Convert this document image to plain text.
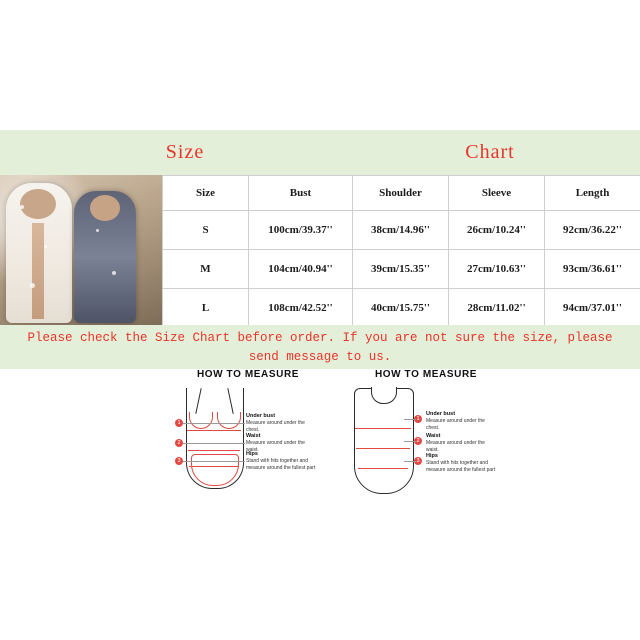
Size	Chart
Size	Bust	Shoulder	Sleeve	Length
S	100cm/39.37''	38cm/14.96''	26cm/10.24''	92cm/36.22''
M	104cm/40.94''	39cm/15.35''	27cm/10.63''	93cm/36.61''
L	108cm/42.52''	40cm/15.75''	28cm/11.02''	94cm/37.01''
Please check the Size Chart before order. If you are not sure the size, please
send message to us.
HOW TO MEASURE
1
Under bust
Measure around under the chest.
2
Waist
Measure around under the waist.
3
Hips
Stand with hits together and measure around the fullest part
HOW TO MEASURE
1
Under bust
Measure around under the chest.
2
Waist
Measure around under the waist.
3
Hips
Stand with hits together and measure around the fullest part
